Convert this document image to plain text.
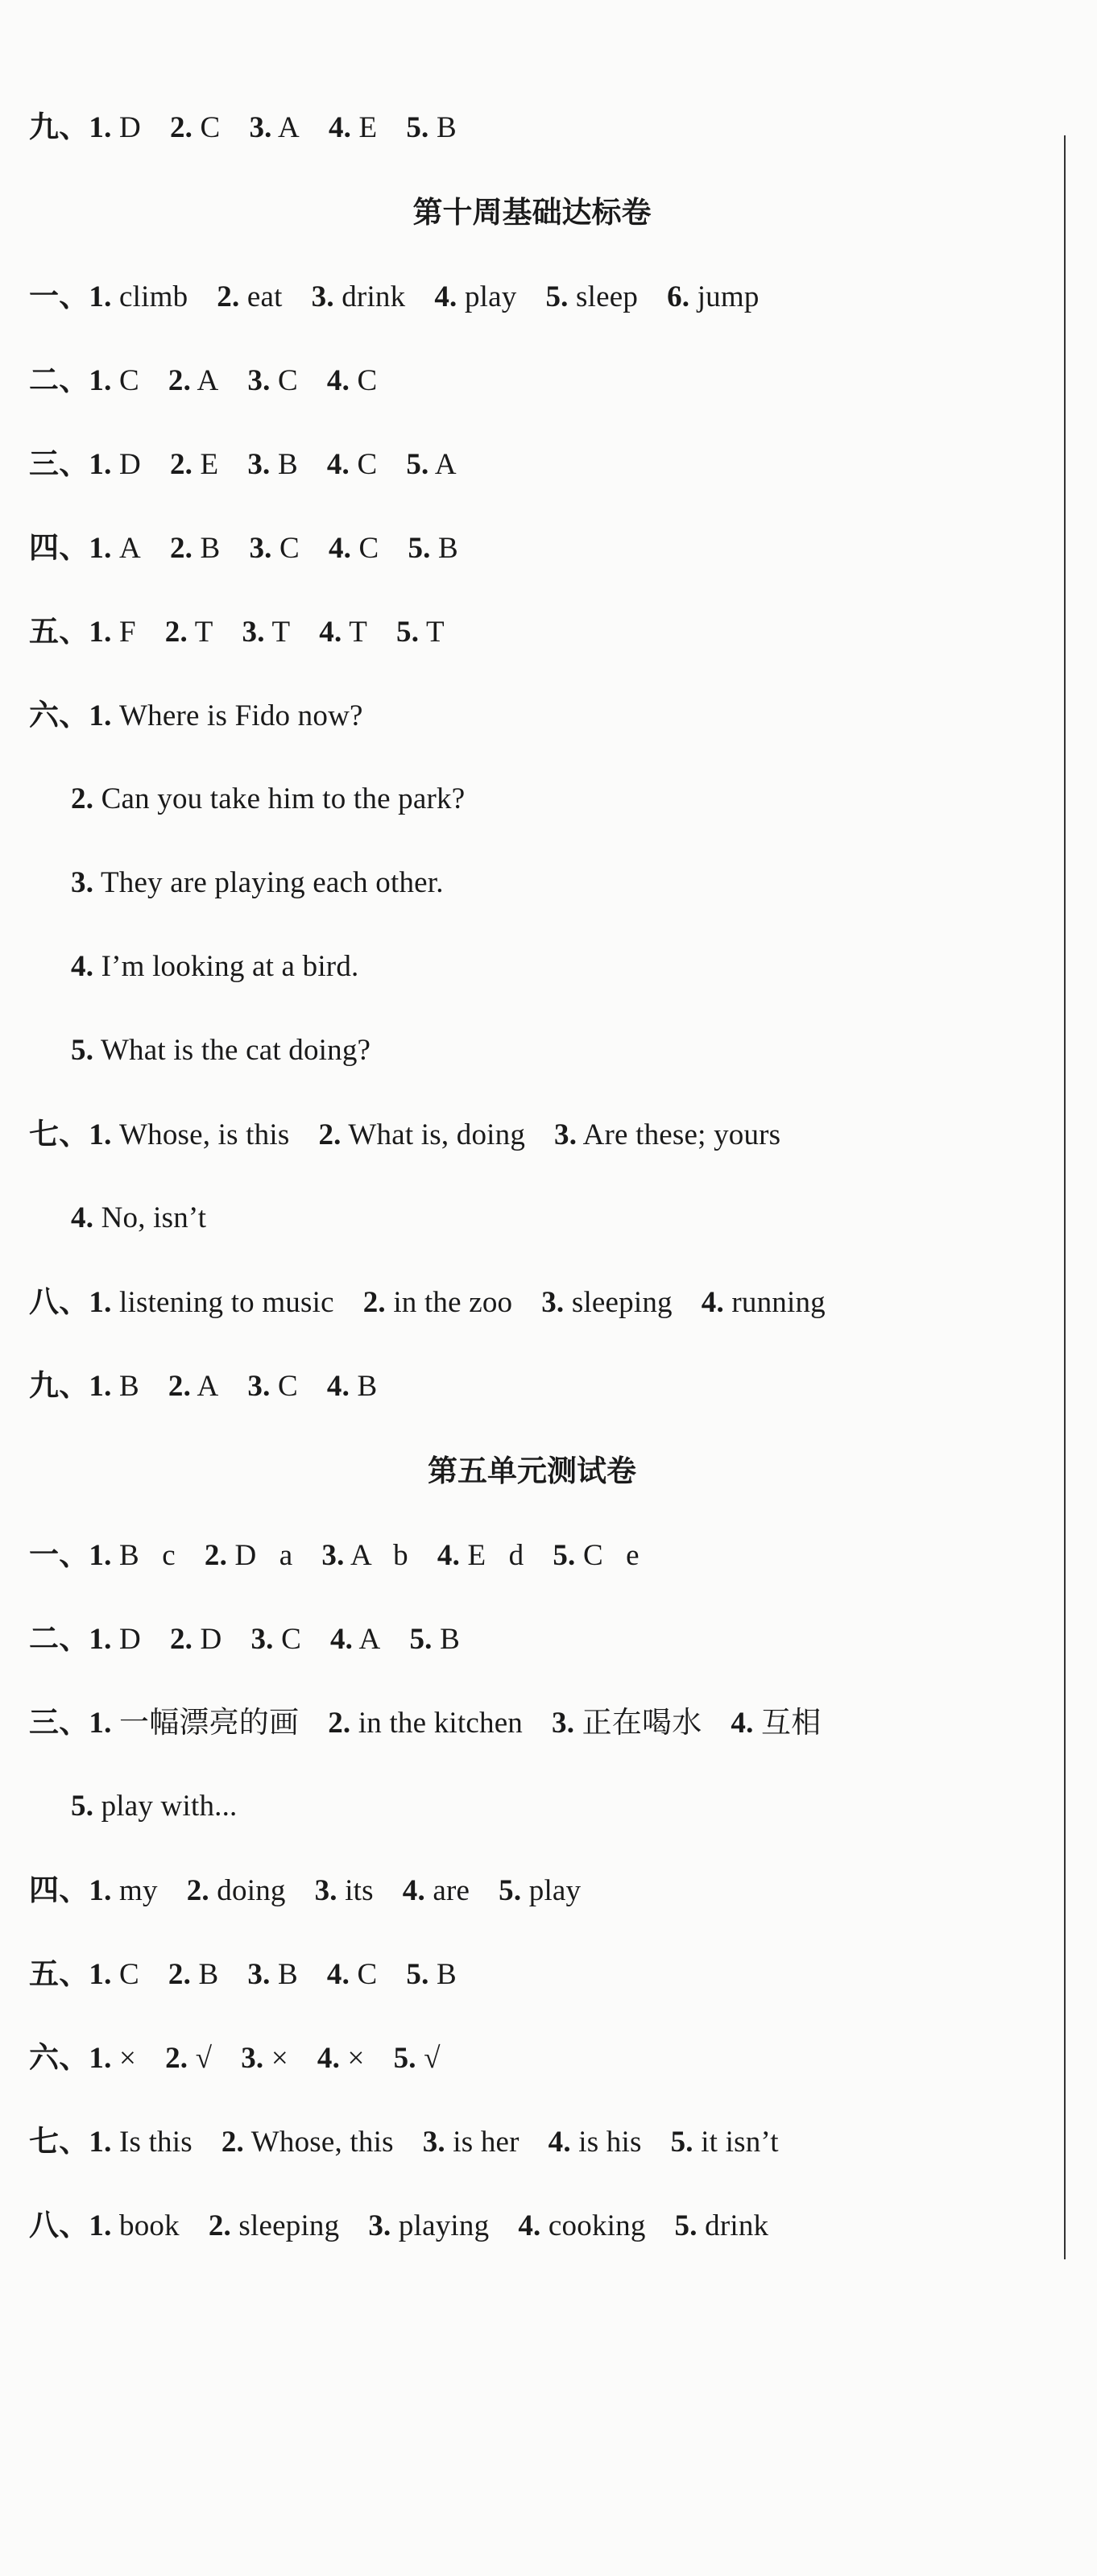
九、1. D 2. C 3. A 4. E 5. B
第十周基础达标卷
一、1. climb 2. eat 3. drink 4. play 5. sleep 6. jump
二、1. C 2. A 3. C 4. C
三、1. D 2. E 3. B 4. C 5. A
四、1. A 2. B 3. C 4. C 5. B
五、1. F 2. T 3. T 4. T 5. T
六、1. Where is Fido now?
2. Can you take him to the park?
3. They are playing each other.
4. I’m looking at a bird.
5. What is the cat doing?
七、1. Whose, is this 2. What is, doing 3. Are these; yours
4. No, isn’t
八、1. listening to music 2. in the zoo 3. sleeping 4. running
九、1. B 2. A 3. C 4. B
第五单元测试卷
一、1. B   c 2. D   a 3. A   b 4. E   d 5. C   e
二、1. D 2. D 3. C 4. A 5. B
三、1. 一幅漂亮的画 2. in the kitchen 3. 正在喝水 4. 互相
5. play with...
四、1. my 2. doing 3. its 4. are 5. play
五、1. C 2. B 3. B 4. C 5. B
六、1. × 2. √ 3. × 4. × 5. √
七、1. Is this 2. Whose, this 3. is her 4. is his 5. it isn’t
八、1. book 2. sleeping 3. playing 4. cooking 5. drink
